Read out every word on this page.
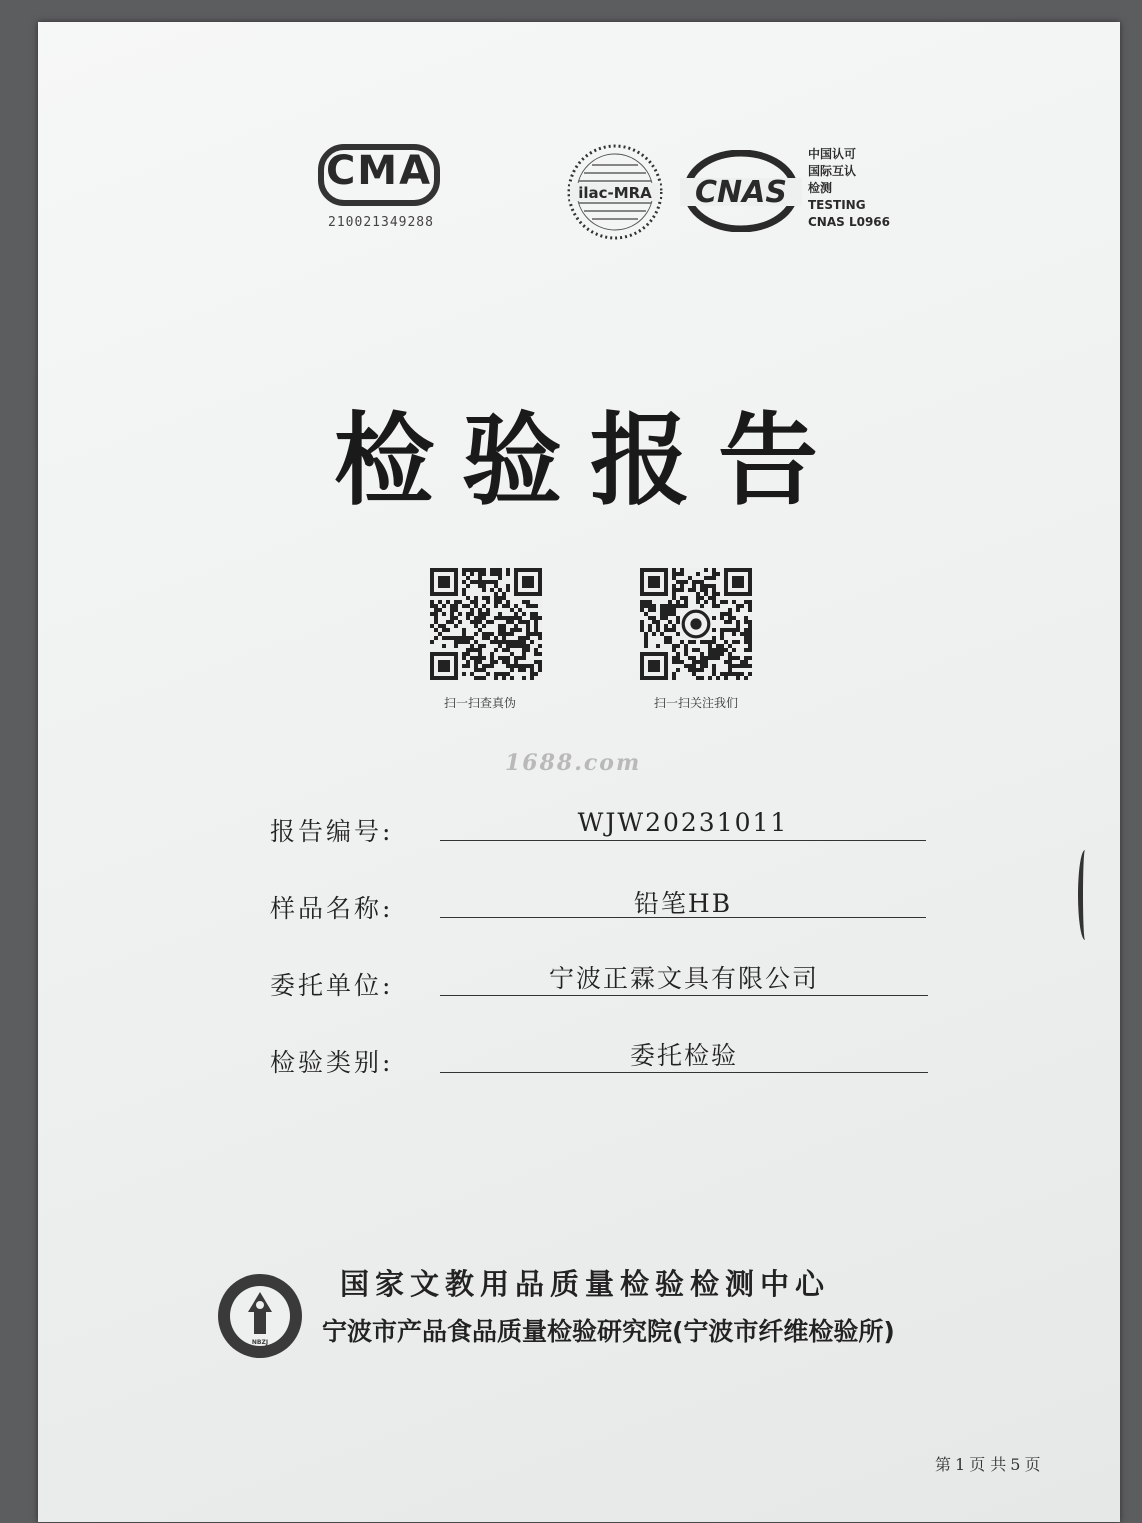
CMA
210021349288
ilac-MRA CNAS
中国认可
国际互认
检测
TESTING
CNAS L0966
检验报告
扫一扫查真伪	扫一扫关注我们
1688.com
报告编号:	WJW20231011
样品名称:	铅笔HB
委托单位:	宁波正霖文具有限公司
检验类别:	委托检验
NBZJ
国家文教用品质量检验检测中心
宁波市产品食品质量检验研究院(宁波市纤维检验所)
第 1 页 共 5 页
